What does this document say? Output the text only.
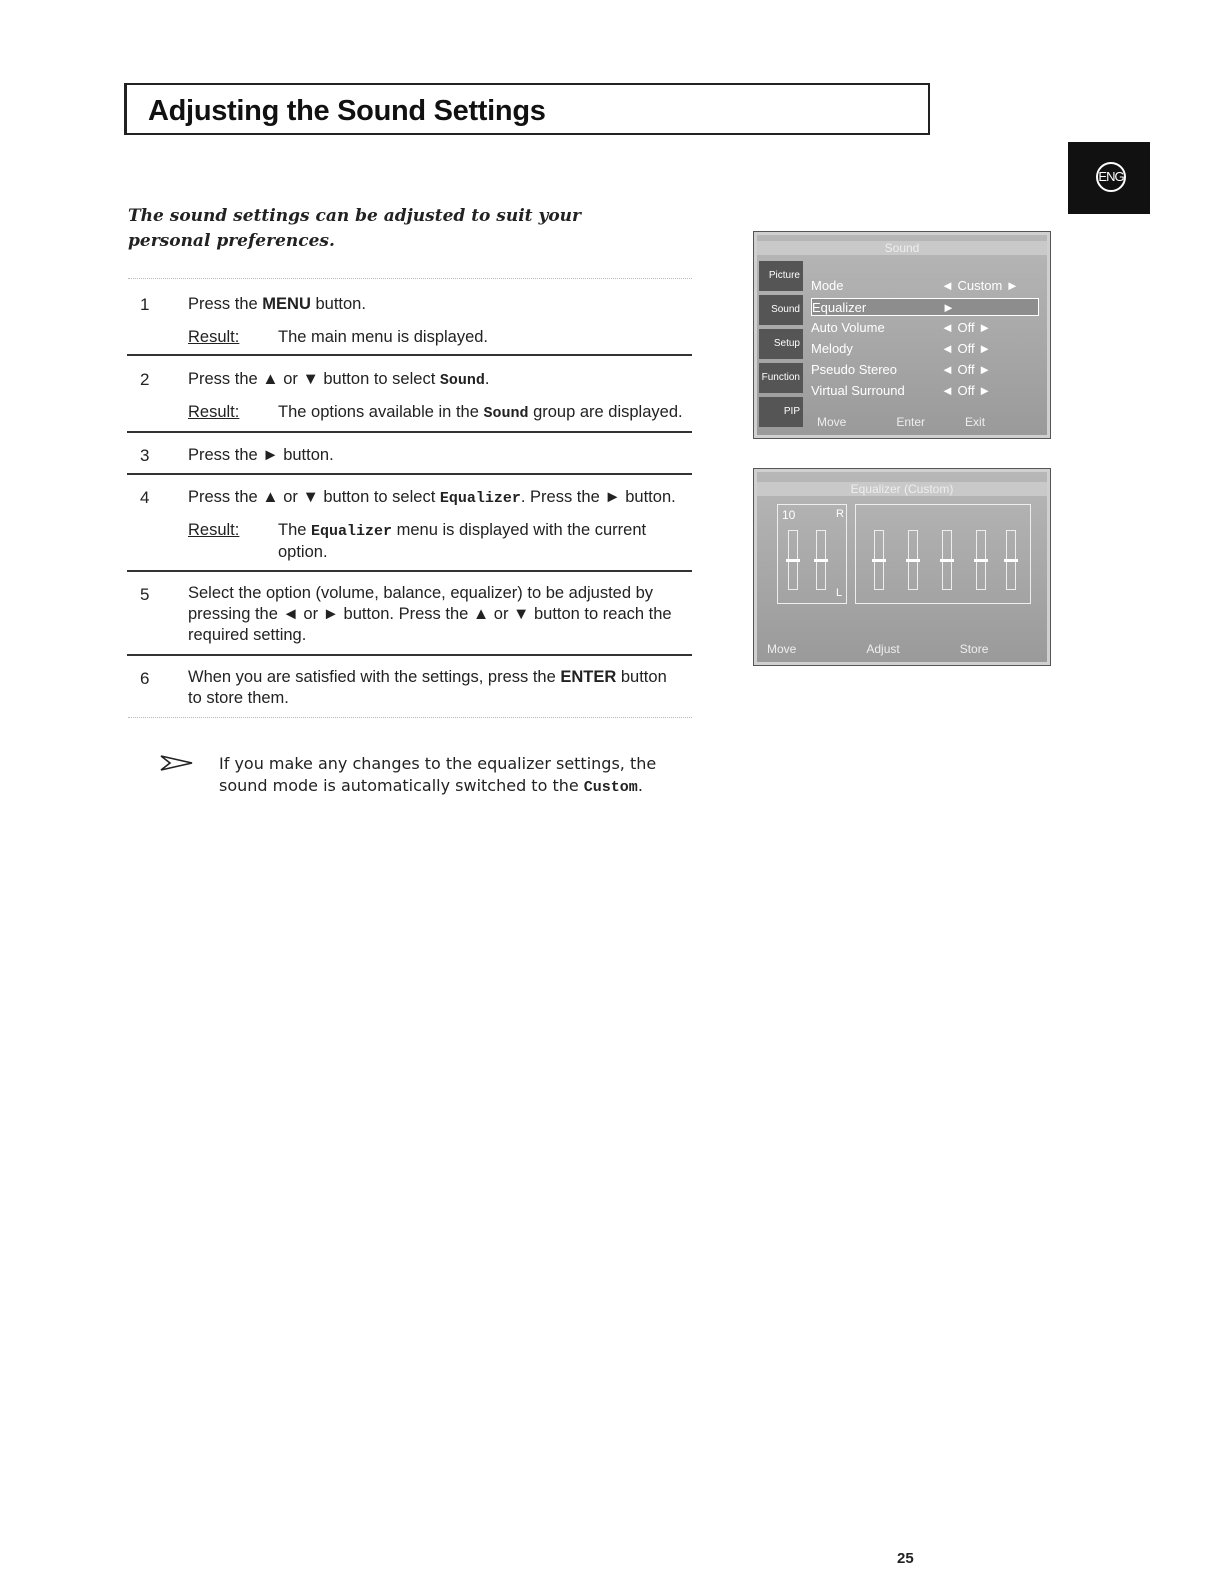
Adjusting the Sound Settings
ENG
The sound settings can be adjusted to suit your personal preferences.
1 Press the MENU button.
Result: The main menu is displayed.
2 Press the ▲ or ▼ button to select Sound.
Result: The options available in the Sound group are displayed.
3 Press the ► button.
4 Press the ▲ or ▼ button to select Equalizer. Press the ► button.
Result: The Equalizer menu is displayed with the current option.
5 Select the option (volume, balance, equalizer) to be adjusted by
pressing the ◄ or ► button. Press the ▲ or ▼ button to reach the
required setting.
6 When you are satisfied with the settings, press the ENTER button
to store them.
If you make any changes to the equalizer settings, the sound mode is automatically switched to the Custom.
Sound
Picture
Sound
Setup
Function
PIP
Mode	◄ Custom ►
Equalizer	►
Auto Volume	◄ Off ►
Melody	◄ Off ►
Pseudo Stereo	◄ Off ►
Virtual Surround	◄ Off ►
Move	Enter	Exit
Equalizer (Custom)
10	R
L
Move	Adjust	Store
25
